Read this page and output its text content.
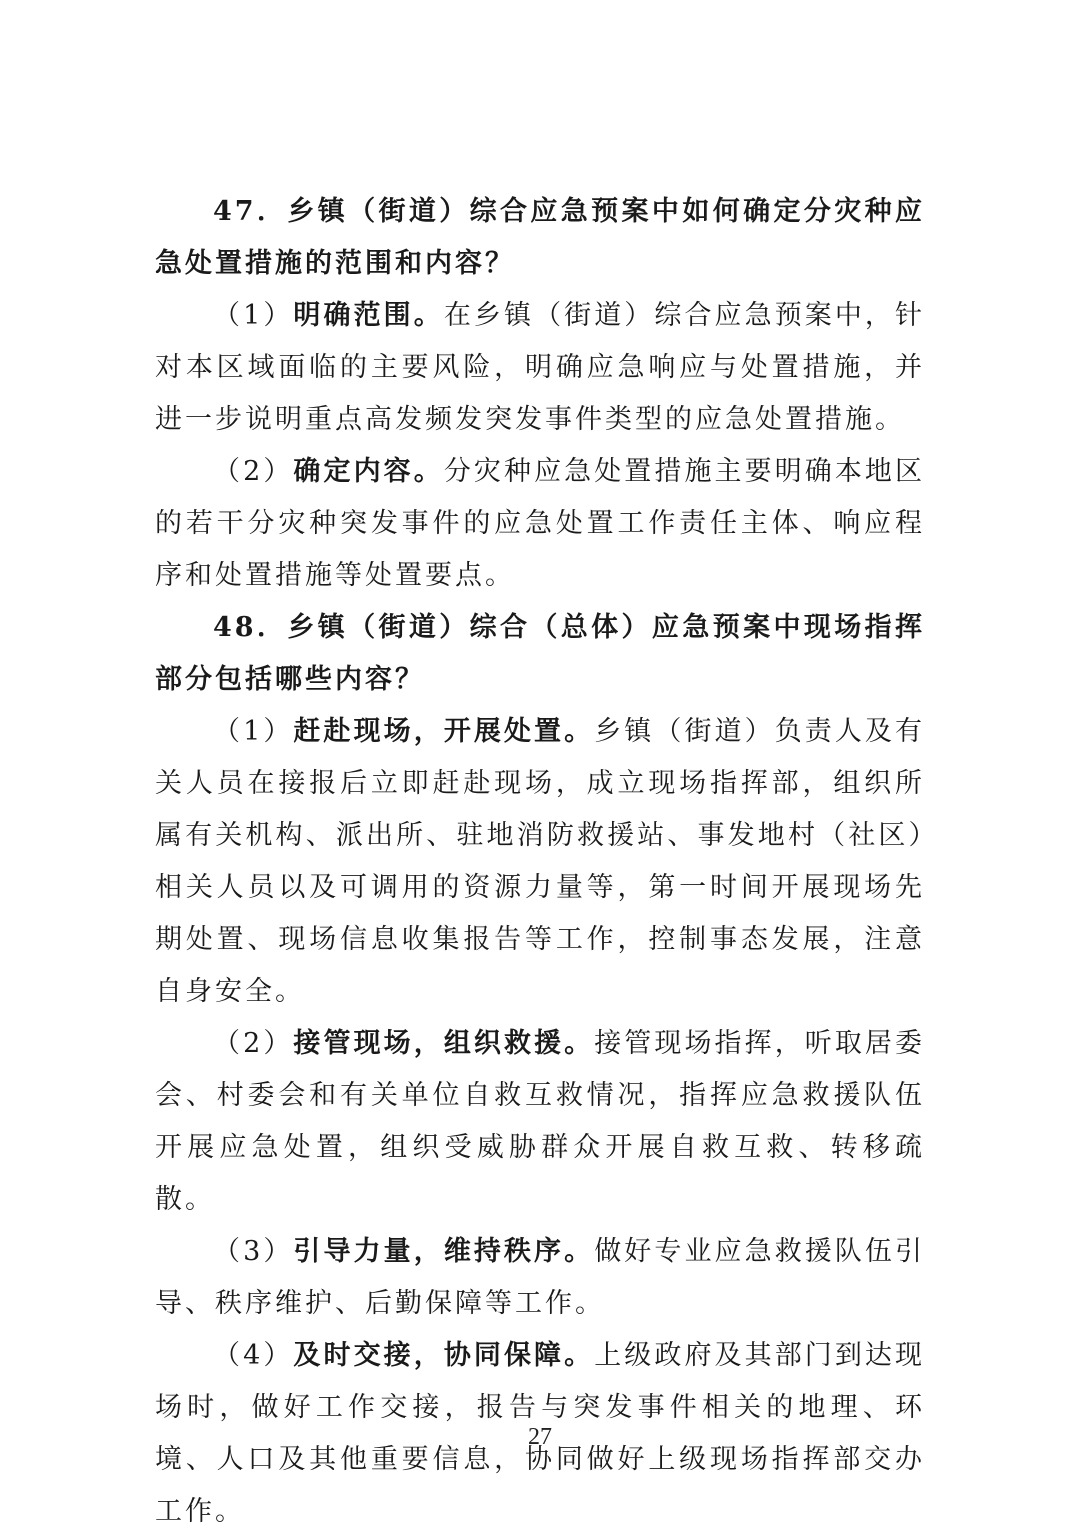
47．乡镇（街道）综合应急预案中如何确定分灾种应急处置措施的范围和内容？

（1）明确范围。在乡镇（街道）综合应急预案中，针对本区域面临的主要风险，明确应急响应与处置措施，并进一步说明重点高发频发突发事件类型的应急处置措施。

（2）确定内容。分灾种应急处置措施主要明确本地区的若干分灾种突发事件的应急处置工作责任主体、响应程序和处置措施等处置要点。

48．乡镇（街道）综合（总体）应急预案中现场指挥部分包括哪些内容？

（1）赶赴现场，开展处置。乡镇（街道）负责人及有关人员在接报后立即赶赴现场，成立现场指挥部，组织所属有关机构、派出所、驻地消防救援站、事发地村（社区）相关人员以及可调用的资源力量等，第一时间开展现场先期处置、现场信息收集报告等工作，控制事态发展，注意自身安全。

（2）接管现场，组织救援。接管现场指挥，听取居委会、村委会和有关单位自救互救情况，指挥应急救援队伍开展应急处置，组织受威胁群众开展自救互救、转移疏散。

（3）引导力量，维持秩序。做好专业应急救援队伍引导、秩序维护、后勤保障等工作。

（4）及时交接，协同保障。上级政府及其部门到达现场时，做好工作交接，报告与突发事件相关的地理、环境、人口及其他重要信息，协同做好上级现场指挥部交办工作。

27
